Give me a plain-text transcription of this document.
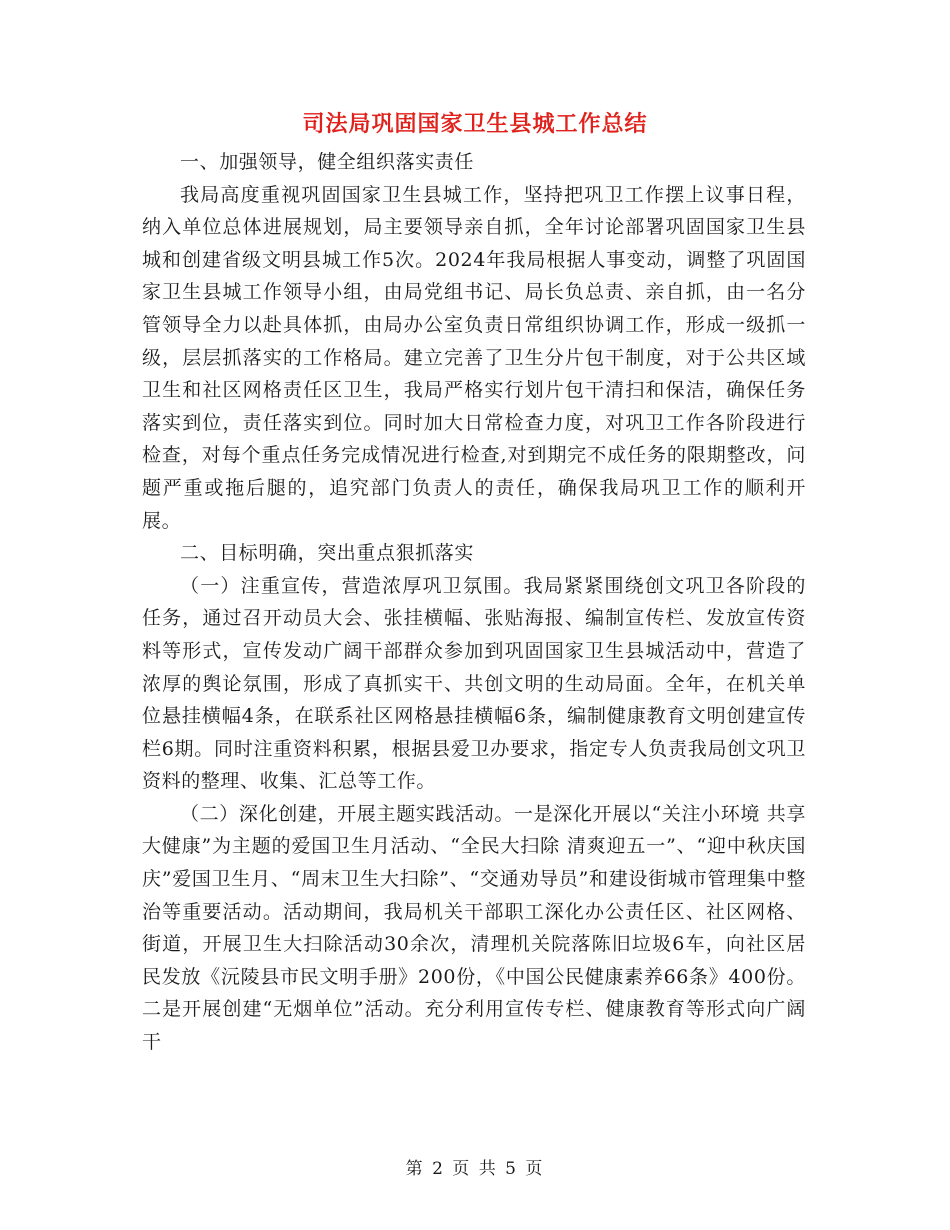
司法局巩固国家卫生县城工作总结

一、加强领导，健全组织落实责任

我局高度重视巩固国家卫生县城工作，坚持把巩卫工作摆上议事日程，纳入单位总体进展规划，局主要领导亲自抓，全年讨论部署巩固国家卫生县城和创建省级文明县城工作5次。2024年我局根据人事变动，调整了巩固国家卫生县城工作领导小组，由局党组书记、局长负总责、亲自抓，由一名分管领导全力以赴具体抓，由局办公室负责日常组织协调工作，形成一级抓一级，层层抓落实的工作格局。建立完善了卫生分片包干制度，对于公共区域卫生和社区网格责任区卫生，我局严格实行划片包干清扫和保洁，确保任务落实到位，责任落实到位。同时加大日常检查力度，对巩卫工作各阶段进行检查，对每个重点任务完成情况进行检查,对到期完不成任务的限期整改，问题严重或拖后腿的，追究部门负责人的责任，确保我局巩卫工作的顺利开展。

二、目标明确，突出重点狠抓落实

（一）注重宣传，营造浓厚巩卫氛围。我局紧紧围绕创文巩卫各阶段的任务，通过召开动员大会、张挂横幅、张贴海报、编制宣传栏、发放宣传资料等形式，宣传发动广阔干部群众参加到巩固国家卫生县城活动中，营造了浓厚的舆论氛围，形成了真抓实干、共创文明的生动局面。全年，在机关单位悬挂横幅4条，在联系社区网格悬挂横幅6条，编制健康教育文明创建宣传栏6期。同时注重资料积累，根据县爱卫办要求，指定专人负责我局创文巩卫资料的整理、收集、汇总等工作。

（二）深化创建，开展主题实践活动。一是深化开展以“关注小环境 共享大健康”为主题的爱国卫生月活动、“全民大扫除 清爽迎五一”、“迎中秋庆国庆”爱国卫生月、“周末卫生大扫除”、“交通劝导员”和建设街城市管理集中整治等重要活动。活动期间，我局机关干部职工深化办公责任区、社区网格、街道，开展卫生大扫除活动30余次，清理机关院落陈旧垃圾6车，向社区居民发放《沅陵县市民文明手册》200份，《中国公民健康素养66条》400份。二是开展创建“无烟单位”活动。充分利用宣传专栏、健康教育等形式向广阔干

第 2 页 共 5 页
